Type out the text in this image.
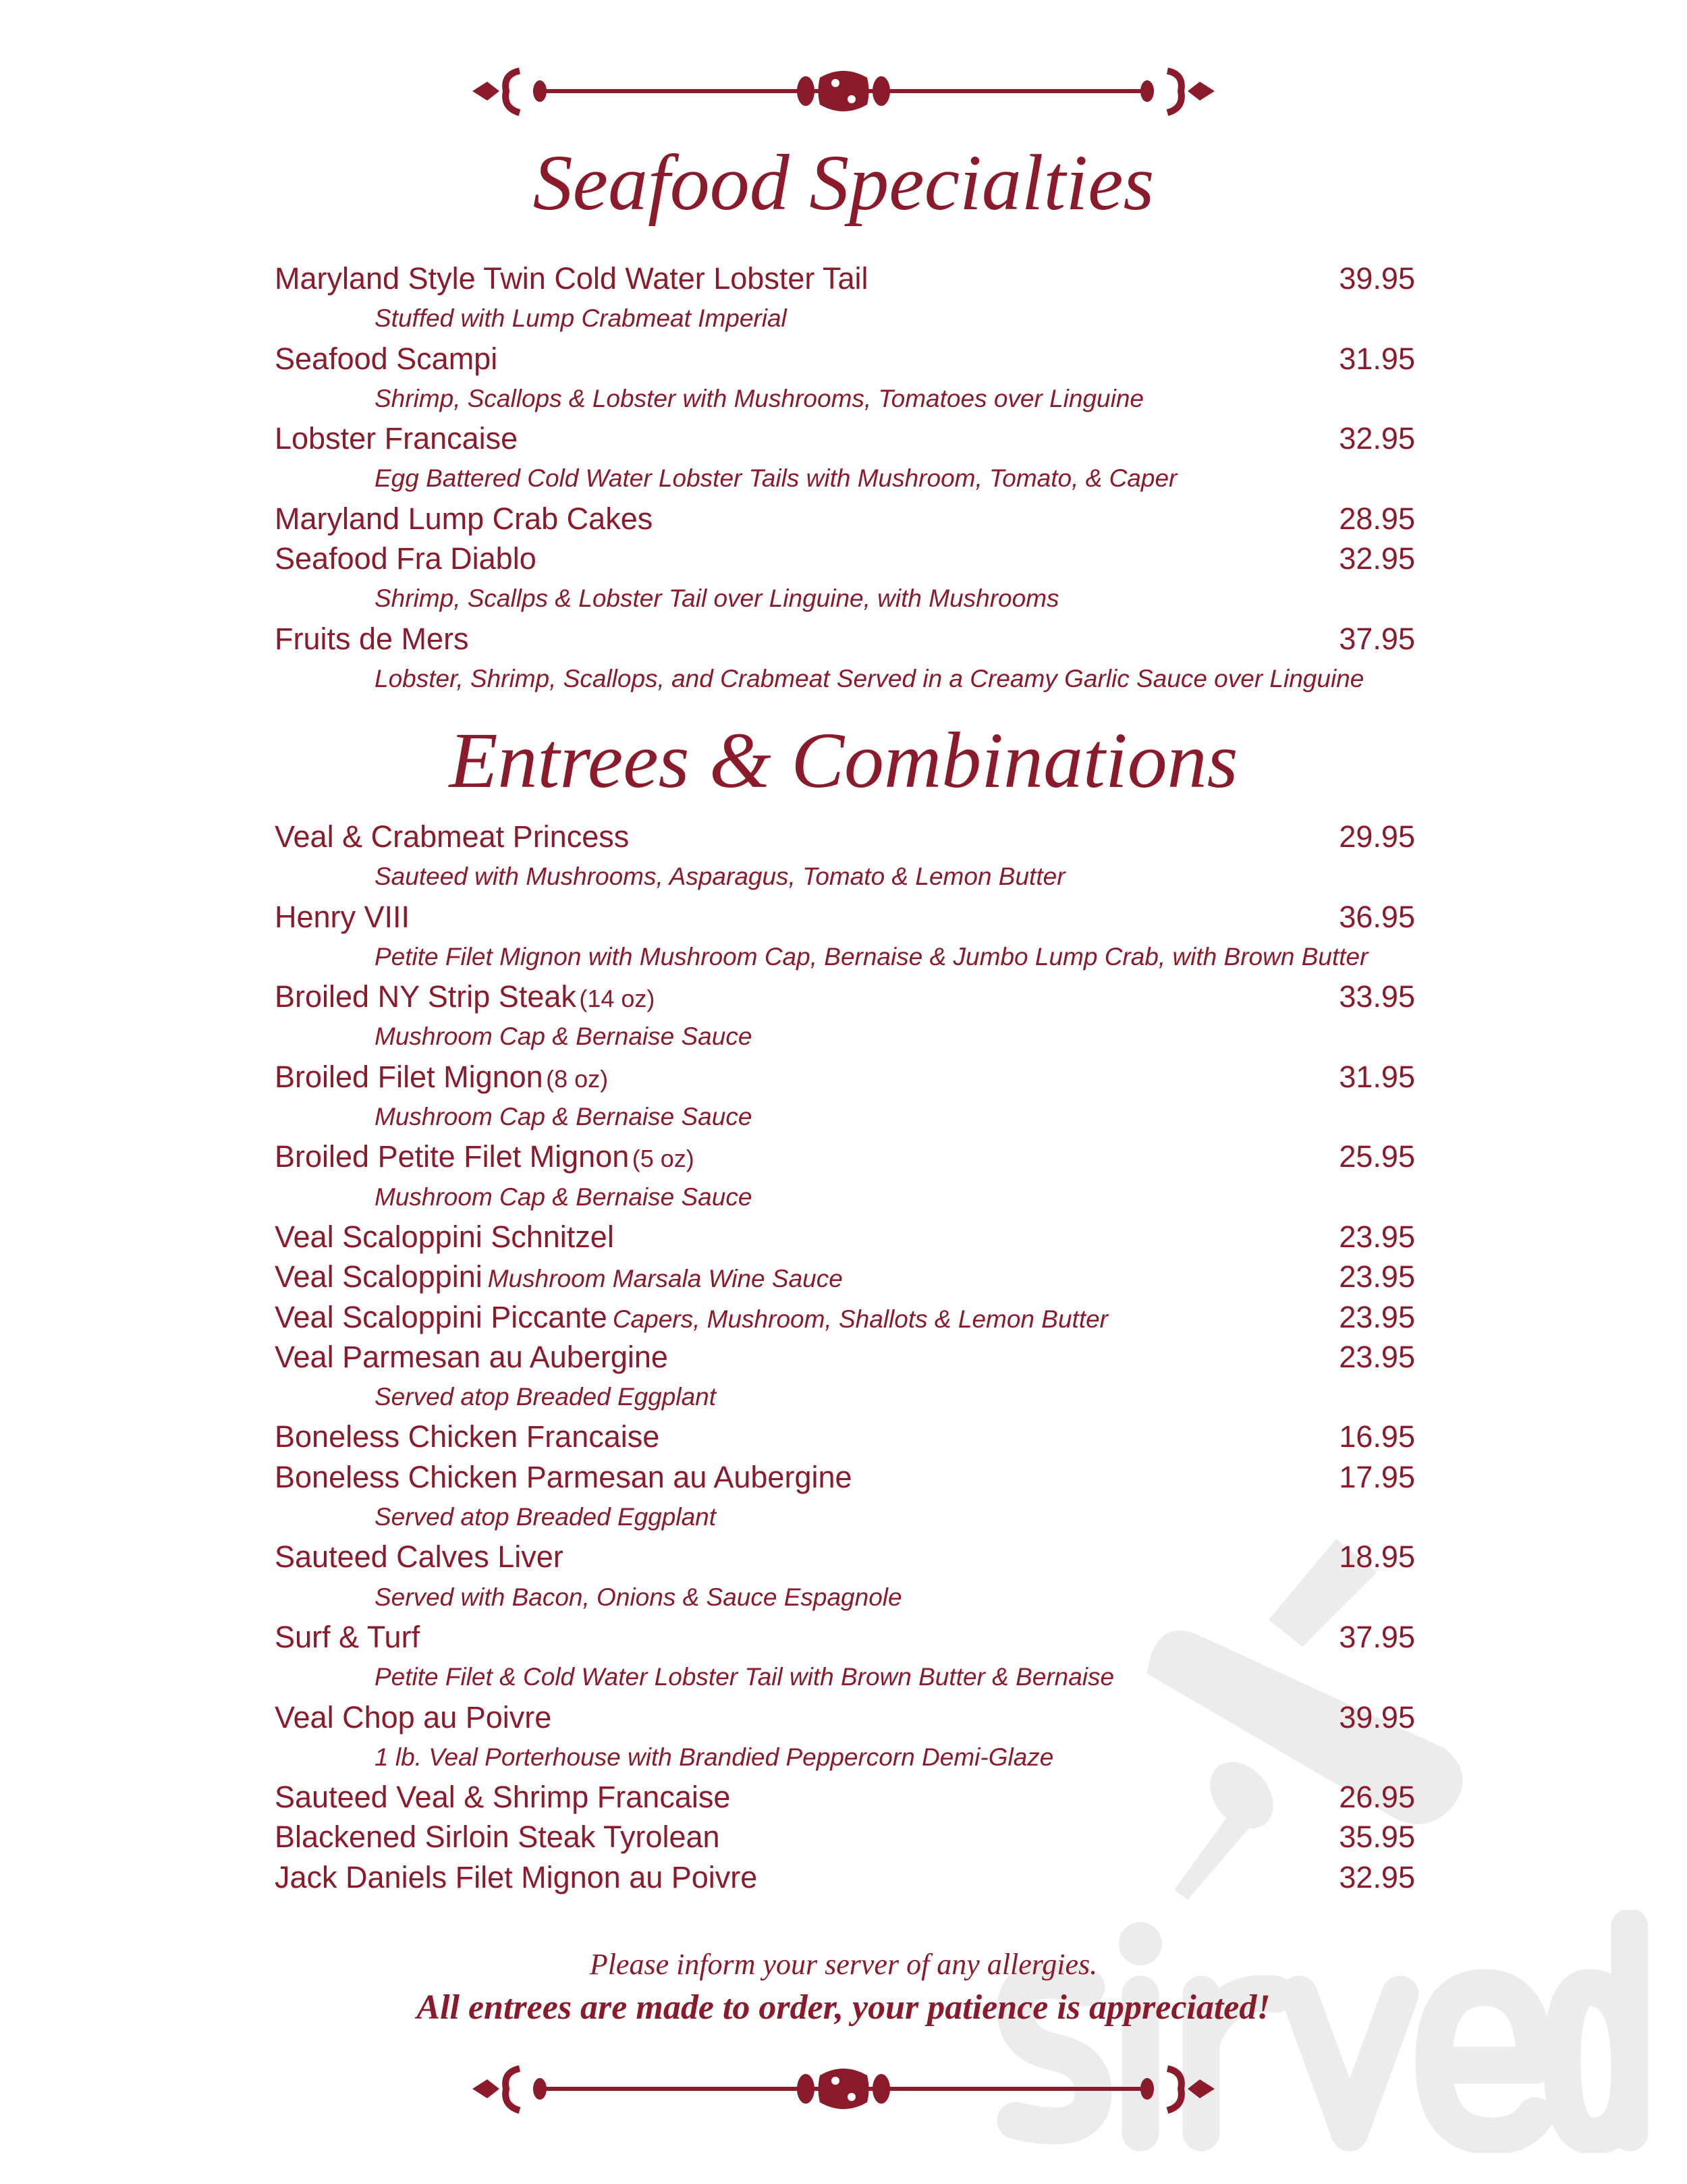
Seafood Specialties
Maryland Style Twin Cold Water Lobster Tail	39.95
Stuffed with Lump Crabmeat Imperial
Seafood Scampi	31.95
Shrimp, Scallops & Lobster with Mushrooms, Tomatoes over Linguine
Lobster Francaise	32.95
Egg Battered Cold Water Lobster Tails with Mushroom, Tomato, & Caper
Maryland Lump Crab Cakes	28.95
Seafood Fra Diablo	32.95
Shrimp, Scallps & Lobster Tail over Linguine, with Mushrooms
Fruits de Mers	37.95
Lobster, Shrimp, Scallops, and Crabmeat Served in a Creamy Garlic Sauce over Linguine
Entrees & Combinations
Veal & Crabmeat Princess	29.95
Sauteed with Mushrooms, Asparagus, Tomato & Lemon Butter
Henry VIII	36.95
Petite Filet Mignon with Mushroom Cap, Bernaise & Jumbo Lump Crab, with Brown Butter
Broiled NY Strip Steak (14 oz)	33.95
Mushroom Cap & Bernaise Sauce
Broiled Filet Mignon (8 oz)	31.95
Mushroom Cap & Bernaise Sauce
Broiled Petite Filet Mignon (5 oz)	25.95
Mushroom Cap & Bernaise Sauce
Veal Scaloppini Schnitzel	23.95
Veal Scaloppini Mushroom Marsala Wine Sauce	23.95
Veal Scaloppini Piccante Capers, Mushroom, Shallots & Lemon Butter	23.95
Veal Parmesan au Aubergine	23.95
Served atop Breaded Eggplant
Boneless Chicken Francaise	16.95
Boneless Chicken Parmesan au Aubergine	17.95
Served atop Breaded Eggplant
Sauteed Calves Liver	18.95
Served with Bacon, Onions & Sauce Espagnole
Surf & Turf	37.95
Petite Filet & Cold Water Lobster Tail with Brown Butter & Bernaise
Veal Chop au Poivre	39.95
1 lb. Veal Porterhouse with Brandied Peppercorn Demi-Glaze
Sauteed Veal & Shrimp Francaise	26.95
Blackened Sirloin Steak Tyrolean	35.95
Jack Daniels Filet Mignon au Poivre	32.95
Please inform your server of any allergies.
All entrees are made to order, your patience is appreciated!
